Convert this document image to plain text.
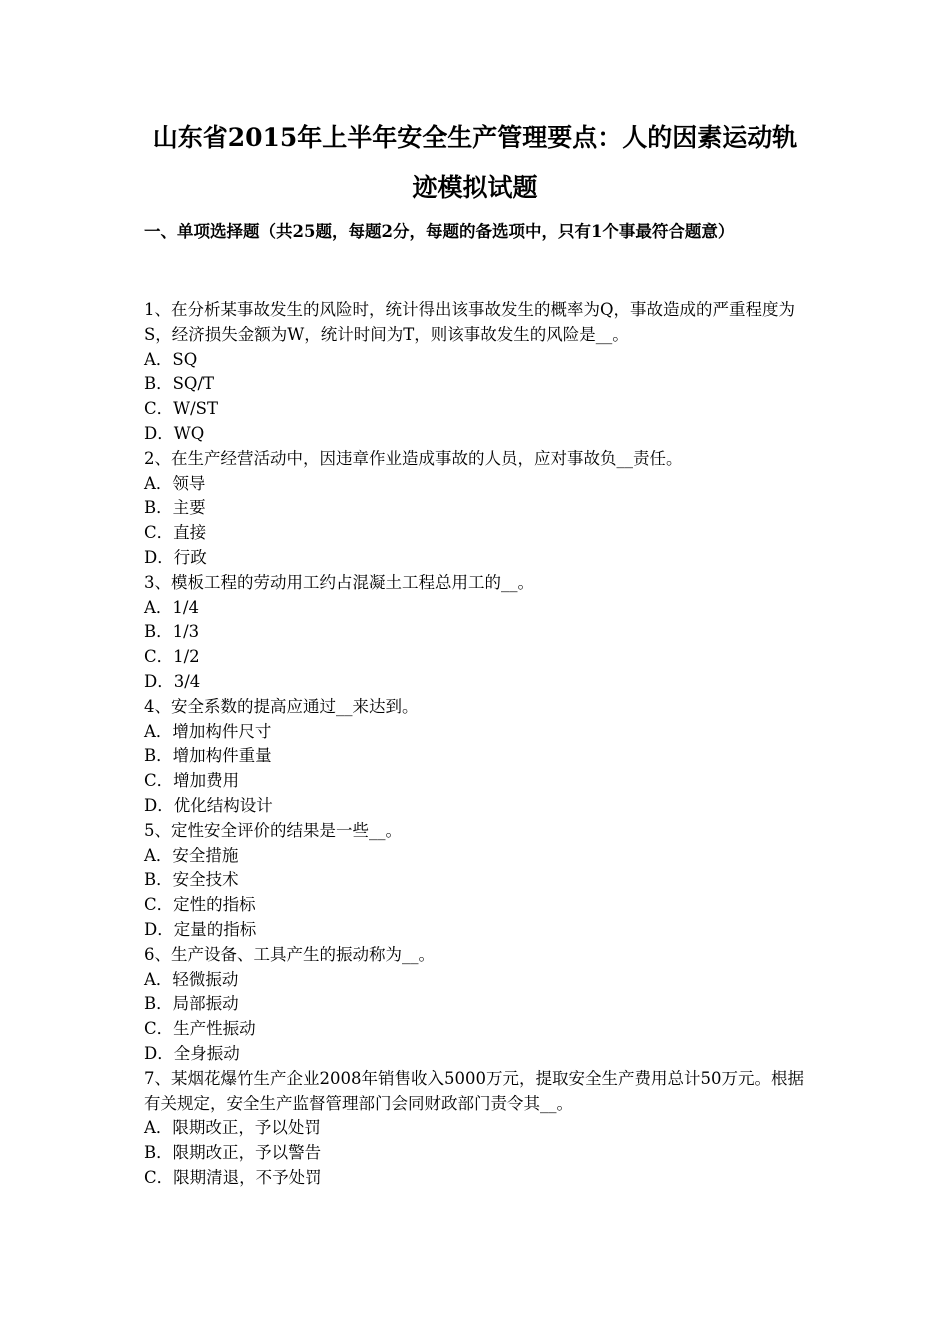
山东省2015年上半年安全生产管理要点：人的因素运动轨
迹模拟试题

一、单项选择题（共25题，每题2分，每题的备选项中，只有1个事最符合题意）

1、在分析某事故发生的风险时，统计得出该事故发生的概率为Q，事故造成的严重程度为S，经济损失金额为W，统计时间为T，则该事故发生的风险是__。

A．SQ

B．SQ/T

C．W/ST

D．WQ

2、在生产经营活动中，因违章作业造成事故的人员，应对事故负__责任。

A．领导

B．主要

C．直接

D．行政

3、模板工程的劳动用工约占混凝土工程总用工的__。

A．1/4

B．1/3

C．1/2

D．3/4

4、安全系数的提高应通过__来达到。

A．增加构件尺寸

B．增加构件重量

C．增加费用

D．优化结构设计

5、定性安全评价的结果是一些__。

A．安全措施

B．安全技术

C．定性的指标

D．定量的指标

6、生产设备、工具产生的振动称为__。

A．轻微振动

B．局部振动

C．生产性振动

D．全身振动

7、某烟花爆竹生产企业2008年销售收入5000万元，提取安全生产费用总计50万元。根据有关规定，安全生产监督管理部门会同财政部门责令其__。

A．限期改正，予以处罚

B．限期改正，予以警告

C．限期清退，不予处罚
